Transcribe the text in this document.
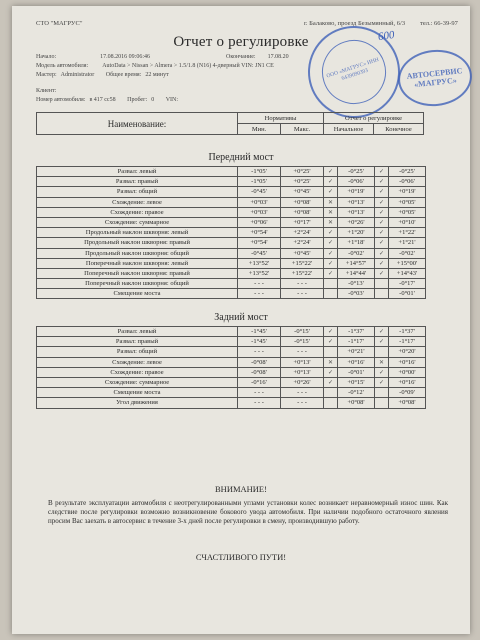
СТО "МАГРУС"	г. Балаково, проезд Безымянный, 6/3 тел.: 66-39-97
Отчет о регулировке
Начало:	17.08.2016 09:06:46	Окончание: 17.08.20
Модель автомобиля: AutoData > Nissan > Almera > 1.5/1.8 (N16) 4-дверный VIN: JN1 CE
Мастер: Administrator Общее время: 22 минут
Клиент:
Номер автомобиля: в 417 сс58 Пробег: 0 VIN:
ООО «МАГРУС» ИНН 6439090393	АВТОСЕРВИС «МАГРУС»
600
Наименование:	Нормативы		Отчет о регулировке	
	Мин.	Макс.	Начальное	Конечное
Передний мост
Развал: левый	-1°05'	+0°25'	✓	-0°25'	✓	-0°25'
Развал: правый	-1°05'	+0°25'	✓	-0°06'	✓	-0°06'
Развал: общий	-0°45'	+0°45'	✓	+0°19'	✓	+0°19'
Схождение: левое	+0°03'	+0°08'	✕	+0°13'	✓	+0°05'
Схождение: правое	+0°03'	+0°08'	✕	+0°13'	✓	+0°05'
Схождение: суммарное	+0°06'	+0°17'	✕	+0°26'	✓	+0°10'
Продольный наклон шкворня: левый	+0°54'	+2°24'	✓	+1°20'	✓	+1°22'
Продольный наклон шкворня: правый	+0°54'	+2°24'	✓	+1°18'	✓	+1°21'
Продольный наклон шкворня: общий	-0°45'	+0°45'	✓	-0°02'	✓	-0°02'
Поперечный наклон шкворня: левый	+13°52'	+15°22'	✓	+14°57'	✓	+15°00'
Поперечный наклон шкворня: правый	+13°52'	+15°22'	✓	+14°44'	✓	+14°43'
Поперечный наклон шкворня: общий	- - -	- - -		-0°13'		-0°17'
Смещение моста	- - -	- - -		-0°03'		-0°01'
Задний мост
Развал: левый	-1°45'	-0°15'	✓	-1°37'	✓	-1°37'
Развал: правый	-1°45'	-0°15'	✓	-1°17'	✓	-1°17'
Развал: общий	- - -	- - -		+0°21'		+0°20'
Схождение: левое	-0°08'	+0°13'	✕	+0°16'	✕	+0°16'
Схождение: правое	-0°08'	+0°13'	✓	-0°01'	✓	+0°00'
Схождение: суммарное	-0°16'	+0°26'	✓	+0°15'	✓	+0°16'
Смещение моста	- - -	- - -		-0°12'		-0°09'
Угол движения	- - -	- - -		+0°08'		+0°08'
ВНИМАНИЕ!
В результате эксплуатации автомобиля с неотрегулированными углами установки колес возникает неравномерный износ шин. Как следствие после регулировки возможно возникновение бокового увода автомобиля. При наличии подобного остаточного явления просим Вас заехать в автосервис в течение 3-х дней после регулировки в смену, производившую работу.
СЧАСТЛИВОГО ПУТИ!
